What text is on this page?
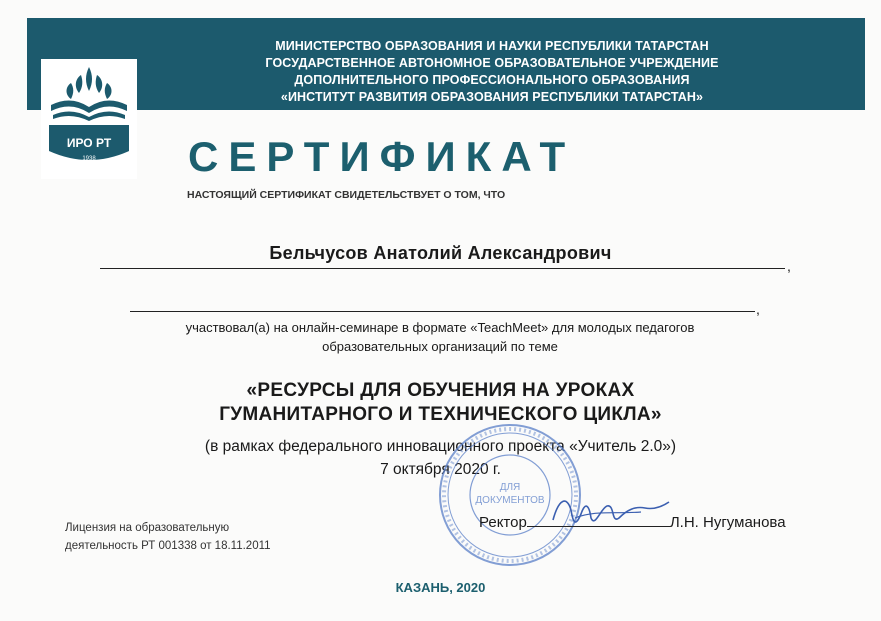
МИНИСТЕРСТВО ОБРАЗОВАНИЯ И НАУКИ РЕСПУБЛИКИ ТАТАРСТАН
ГОСУДАРСТВЕННОЕ АВТОНОМНОЕ ОБРАЗОВАТЕЛЬНОЕ УЧРЕЖДЕНИЕ
ДОПОЛНИТЕЛЬНОГО ПРОФЕССИОНАЛЬНОГО ОБРАЗОВАНИЯ
«ИНСТИТУТ РАЗВИТИЯ ОБРАЗОВАНИЯ РЕСПУБЛИКИ ТАТАРСТАН»
ИРО РТ
1938 СЕРТИФИКАТ
НАСТОЯЩИЙ СЕРТИФИКАТ СВИДЕТЕЛЬСТВУЕТ О ТОМ, ЧТО
Бельчусов Анатолий Александрович
,
,
участвовал(а) на онлайн-семинаре в формате «TeachMeet» для молодых педагогов
образовательных организаций по теме
«РЕСУРСЫ ДЛЯ ОБУЧЕНИЯ НА УРОКАХ
ГУМАНИТАРНОГО И ТЕХНИЧЕСКОГО ЦИКЛА»
(в рамках федерального инновационного проекта «Учитель 2.0»)
7 октября 2020 г.
Лицензия на образовательную
деятельность РТ 001338 от 18.11.2011
ДЛЯ
ДОКУМЕНТОВ
Ректор	Л.Н. Нугуманова
КАЗАНЬ, 2020
